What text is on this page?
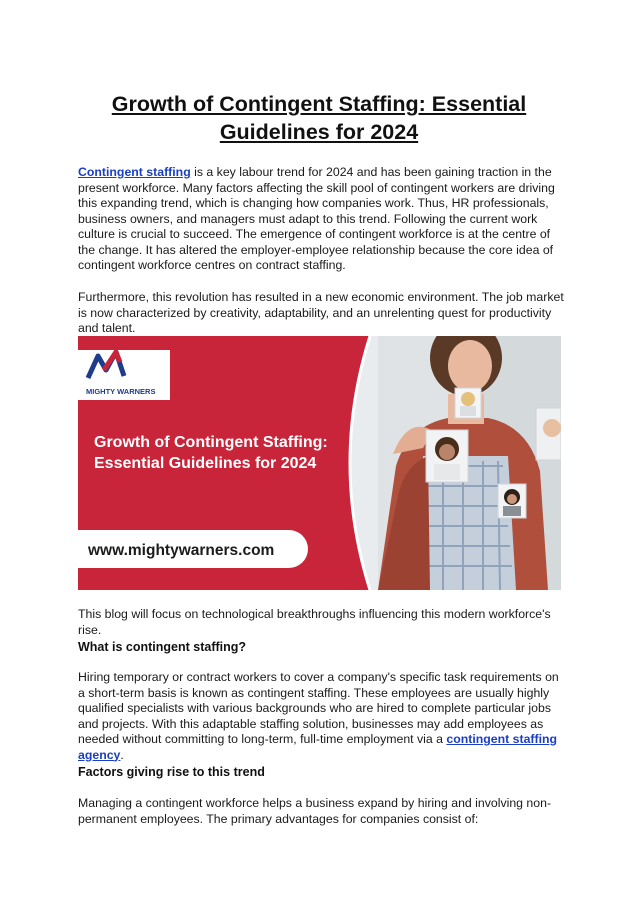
Growth of Contingent Staffing: Essential
Guidelines for 2024

Contingent staffing is a key labour trend for 2024 and has been gaining traction in the present workforce. Many factors affecting the skill pool of contingent workers are driving this expanding trend, which is changing how companies work. Thus, HR professionals, business owners, and managers must adapt to this trend. Following the current work culture is crucial to succeed. The emergence of contingent workforce is at the centre of the change. It has altered the employer-employee relationship because the core idea of contingent workforce centres on contract staffing.

Furthermore, this revolution has resulted in a new economic environment. The job market is now characterized by creativity, adaptability, and an unrelenting quest for productivity and talent.

MIGHTY WARNERS
Growth of Contingent Staffing:
Essential Guidelines for 2024
www.mightywarners.com

This blog will focus on technological breakthroughs influencing this modern workforce's rise.

What is contingent staffing?

Hiring temporary or contract workers to cover a company's specific task requirements on a short-term basis is known as contingent staffing. These employees are usually highly qualified specialists with various backgrounds who are hired to complete particular jobs and projects. With this adaptable staffing solution, businesses may add employees as needed without committing to long-term, full-time employment via a contingent staffing agency.

Factors giving rise to this trend

Managing a contingent workforce helps a business expand by hiring and involving non-permanent employees. The primary advantages for companies consist of:
